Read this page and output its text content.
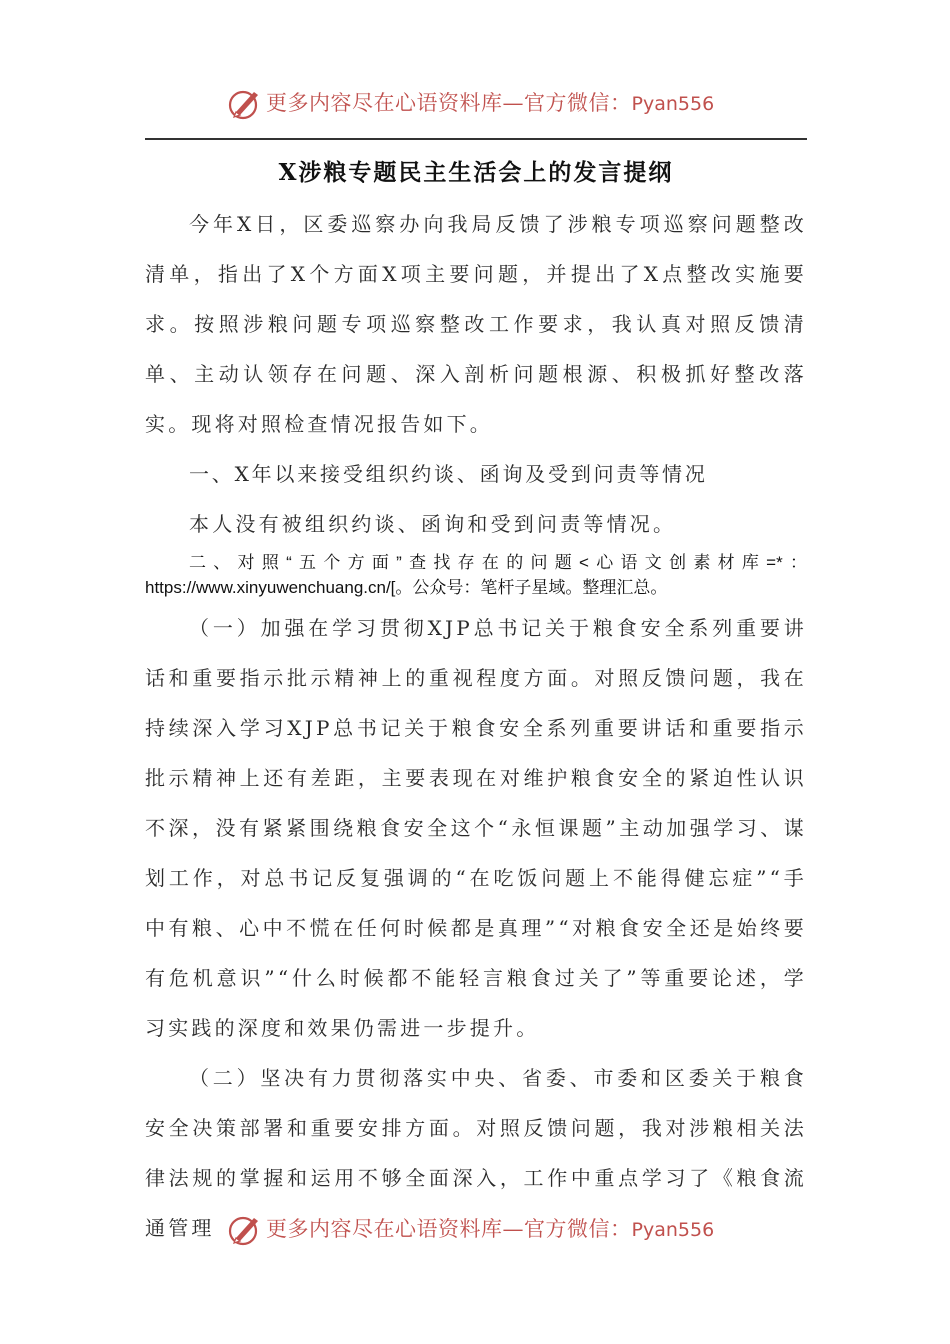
更多内容尽在心语资料库—官方微信：Pyan556
X涉粮专题民主生活会上的发言提纲

今年X日，区委巡察办向我局反馈了涉粮专项巡察问题整改清单，指出了X个方面X项主要问题，并提出了X点整改实施要求。按照涉粮问题专项巡察整改工作要求，我认真对照反馈清单、主动认领存在问题、深入剖析问题根源、积极抓好整改落实。现将对照检查情况报告如下。

一、X年以来接受组织约谈、函询及受到问责等情况

本人没有被组织约谈、函询和受到问责等情况。

二、对照“五个方面”查找存在的问题<心语文创素材库=*：https://www.xinyuwenchuang.cn/[。公众号：笔杆子星域。整理汇总。

（一）加强在学习贯彻XJP总书记关于粮食安全系列重要讲话和重要指示批示精神上的重视程度方面。对照反馈问题，我在持续深入学习XJP总书记关于粮食安全系列重要讲话和重要指示批示精神上还有差距，主要表现在对维护粮食安全的紧迫性认识不深，没有紧紧围绕粮食安全这个“永恒课题”主动加强学习、谋划工作，对总书记反复强调的“在吃饭问题上不能得健忘症”“手中有粮、心中不慌在任何时候都是真理”“对粮食安全还是始终要有危机意识”“什么时候都不能轻言粮食过关了”等重要论述，学习实践的深度和效果仍需进一步提升。

（二）坚决有力贯彻落实中央、省委、市委和区委关于粮食安全决策部署和重要安排方面。对照反馈问题，我对涉粮相关法律法规的掌握和运用不够全面深入，工作中重点学习了《粮食流通管理	更多内容尽在心语资料库—官方微信：Pyan556
